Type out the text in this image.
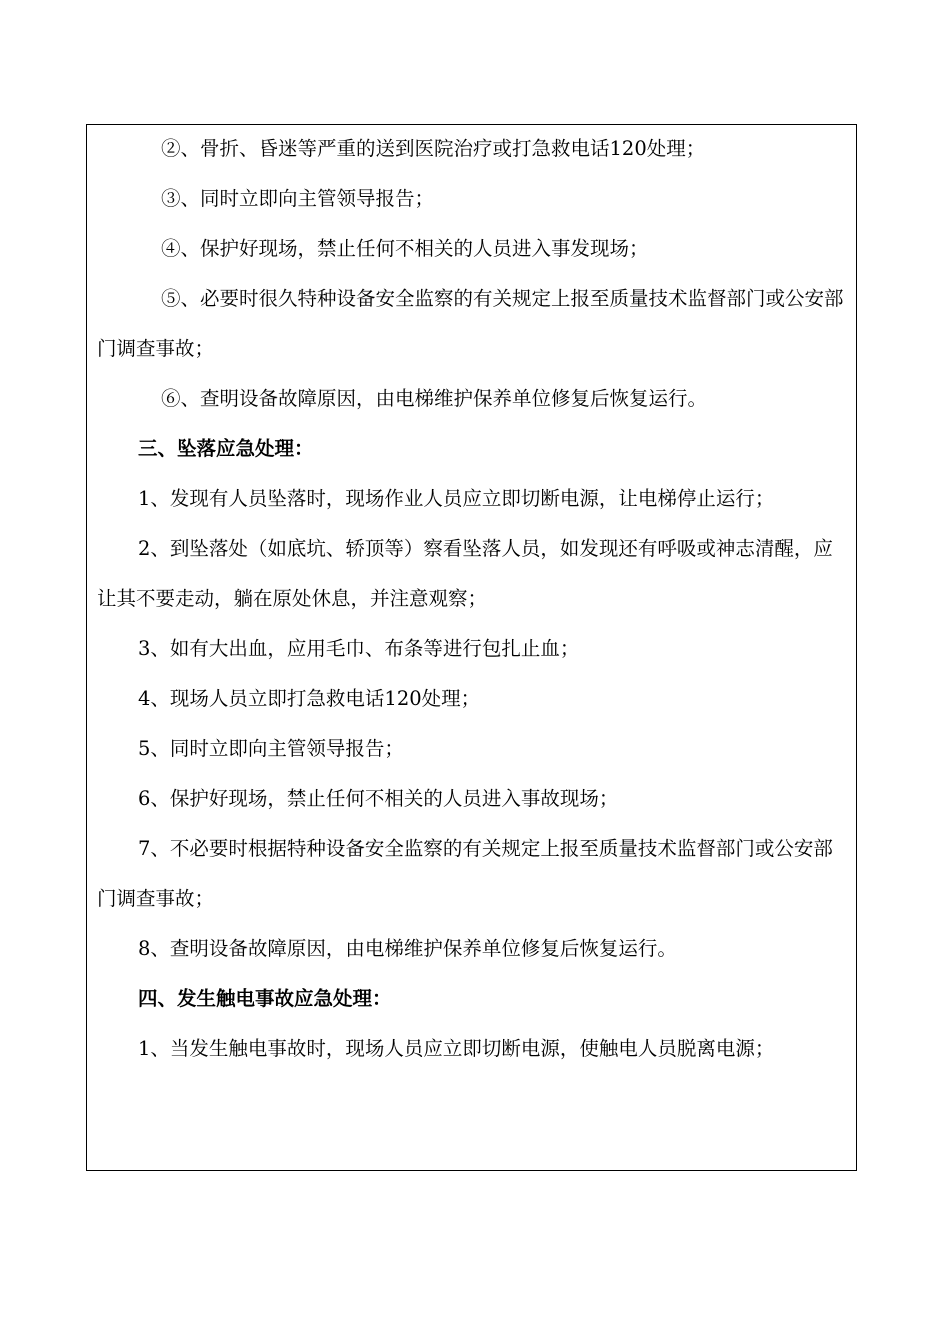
②、骨折、昏迷等严重的送到医院治疗或打急救电话120处理；

③、同时立即向主管领导报告；

④、保护好现场，禁止任何不相关的人员进入事发现场；

⑤、必要时很久特种设备安全监察的有关规定上报至质量技术监督部门或公安部门调查事故；

⑥、查明设备故障原因，由电梯维护保养单位修复后恢复运行。

三、坠落应急处理：

1、发现有人员坠落时，现场作业人员应立即切断电源，让电梯停止运行；

2、到坠落处（如底坑、轿顶等）察看坠落人员，如发现还有呼吸或神志清醒，应让其不要走动，躺在原处休息，并注意观察；

3、如有大出血，应用毛巾、布条等进行包扎止血；

4、现场人员立即打急救电话120处理；

5、同时立即向主管领导报告；

6、保护好现场，禁止任何不相关的人员进入事故现场；

7、不必要时根据特种设备安全监察的有关规定上报至质量技术监督部门或公安部门调查事故；

8、查明设备故障原因，由电梯维护保养单位修复后恢复运行。

四、发生触电事故应急处理：

1、当发生触电事故时，现场人员应立即切断电源，使触电人员脱离电源；
